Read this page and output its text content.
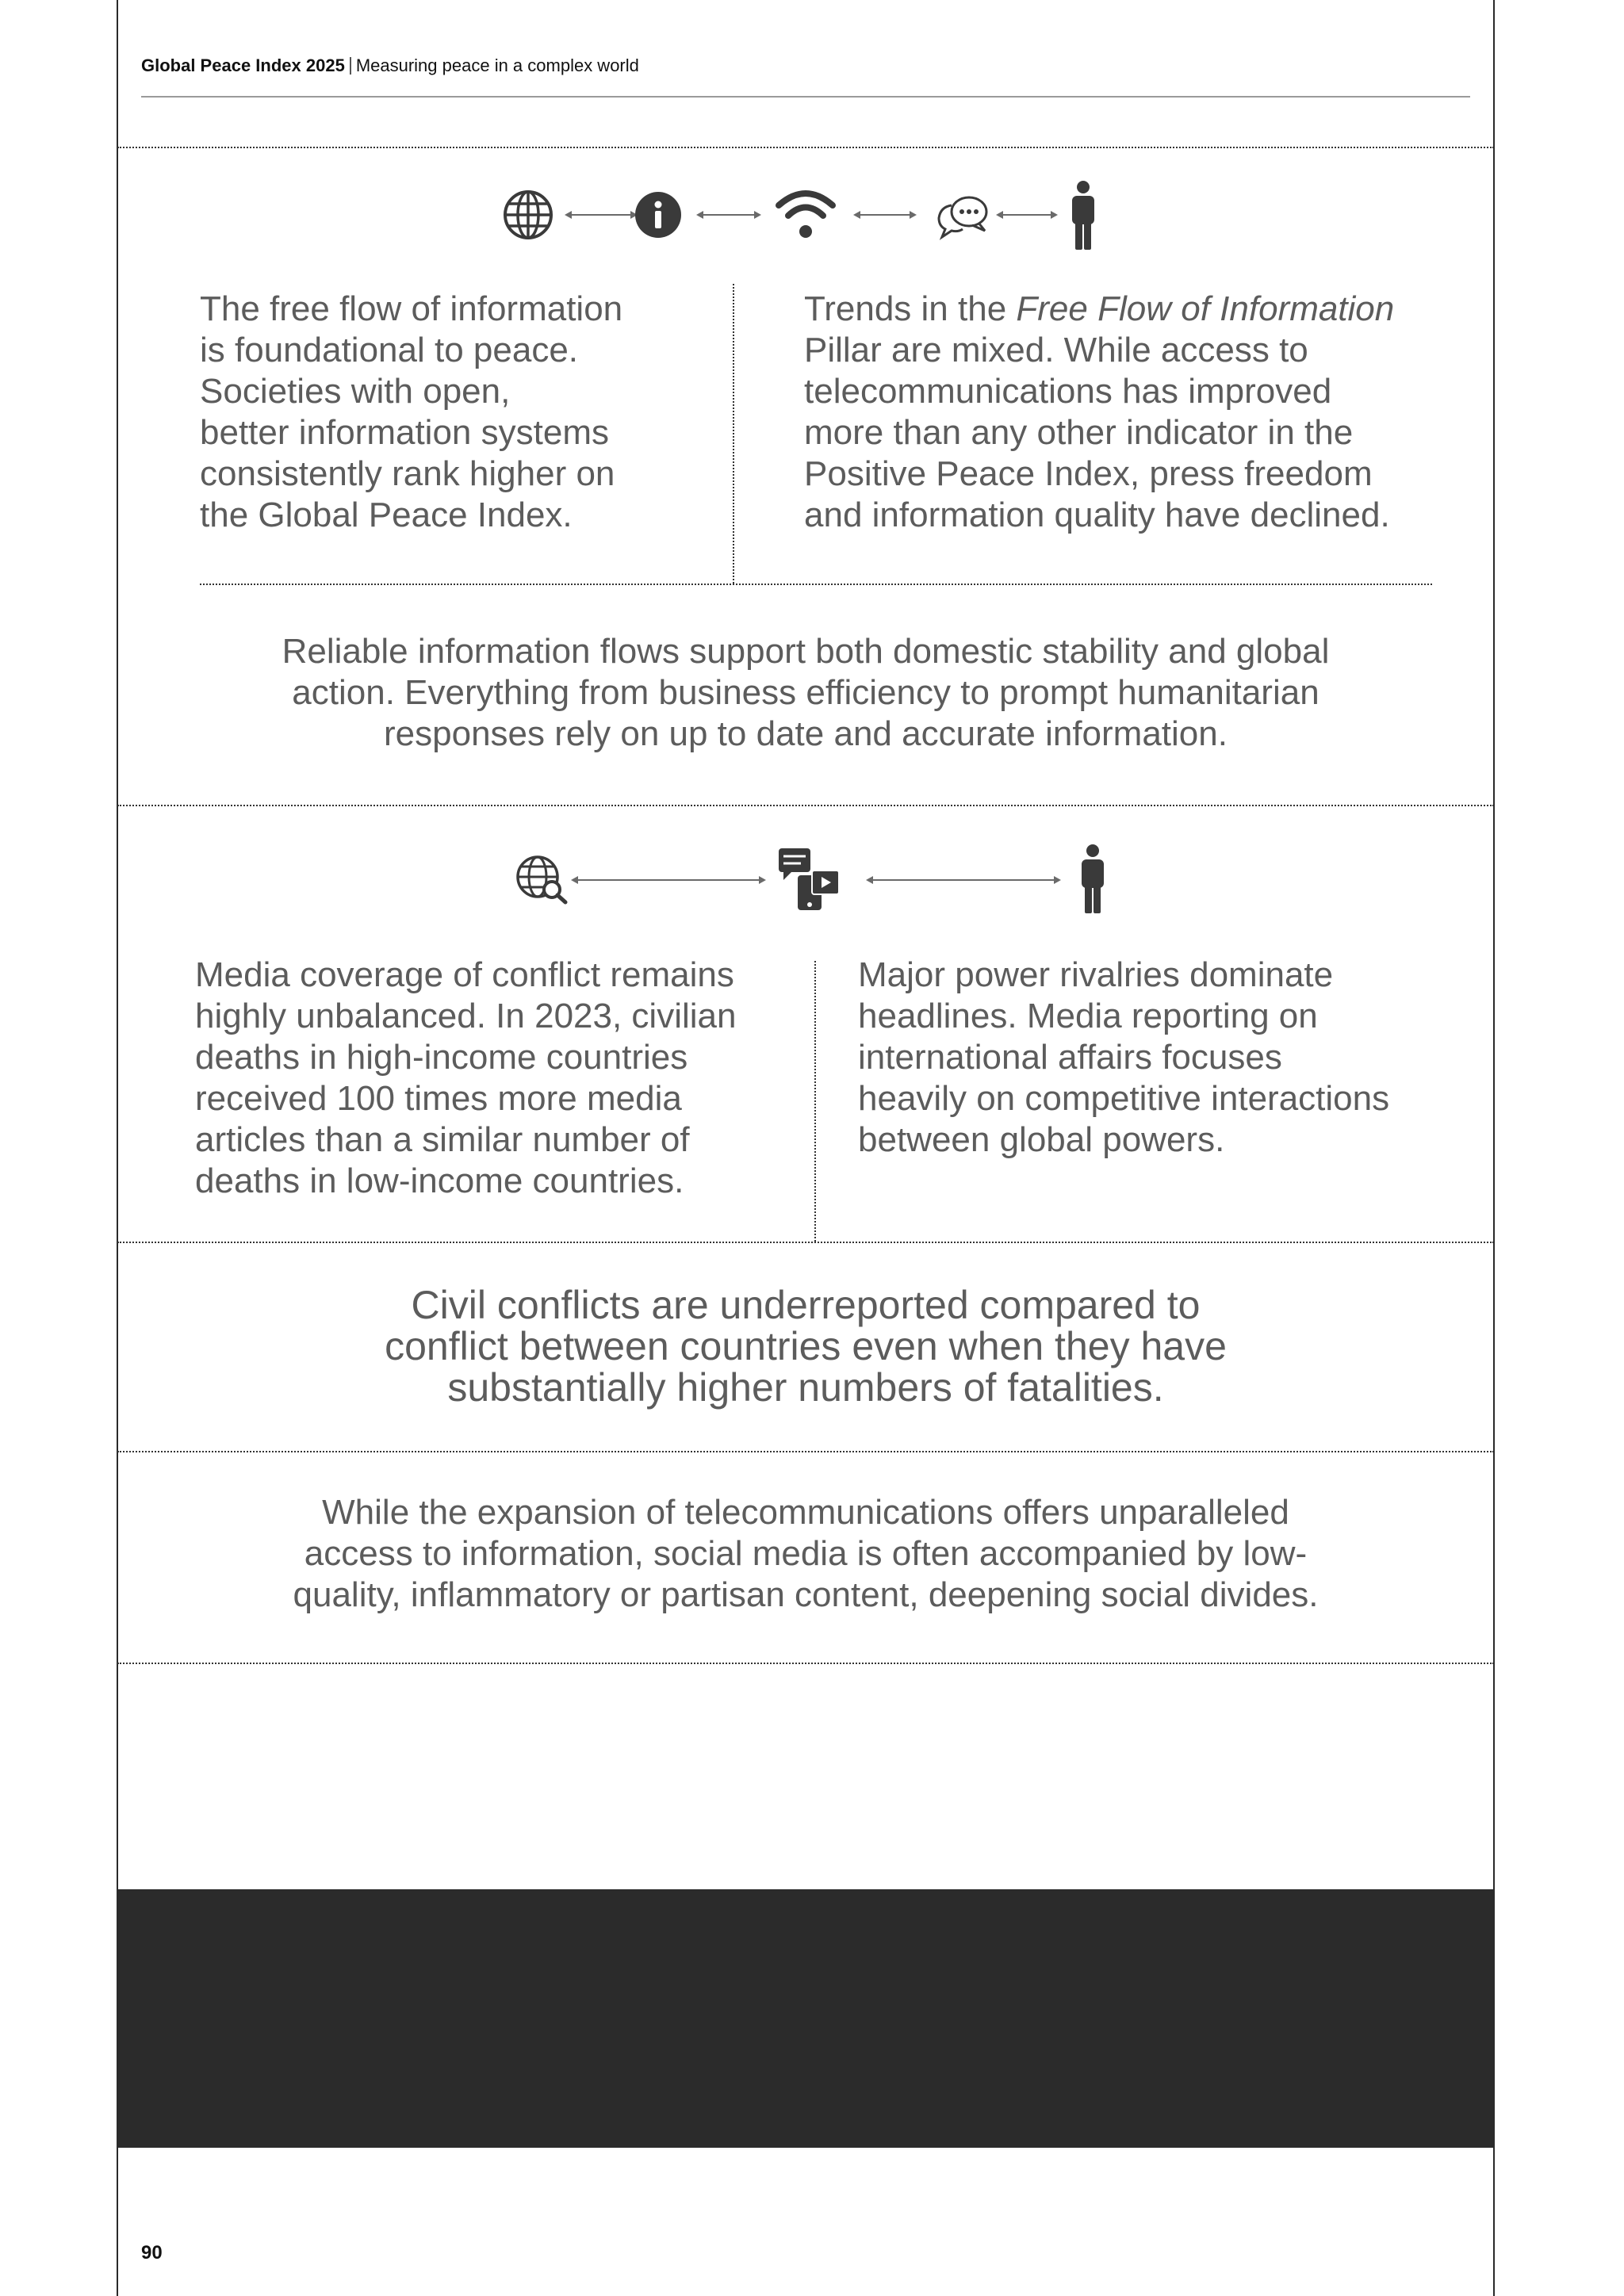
Global Peace Index 2025 Measuring peace in a complex world
The free flow of information
is foundational to peace.
Societies with open,
better information systems
consistently rank higher on
the Global Peace Index.
Trends in the Free Flow of Information
Pillar are mixed. While access to
telecommunications has improved
more than any other indicator in the
Positive Peace Index, press freedom
and information quality have declined.
Reliable information flows support both domestic stability and global
action. Everything from business efficiency to prompt humanitarian
responses rely on up to date and accurate information.
Media coverage of conflict remains
highly unbalanced. In 2023, civilian
deaths in high-income countries
received 100 times more media
articles than a similar number of
deaths in low-income countries.
Major power rivalries dominate
headlines. Media reporting on
international affairs focuses
heavily on competitive interactions
between global powers.
Civil conflicts are underreported compared to
conflict between countries even when they have
substantially higher numbers of fatalities.
While the expansion of telecommunications offers unparalleled
access to information, social media is often accompanied by low-
quality, inflammatory or partisan content, deepening social divides.
90
